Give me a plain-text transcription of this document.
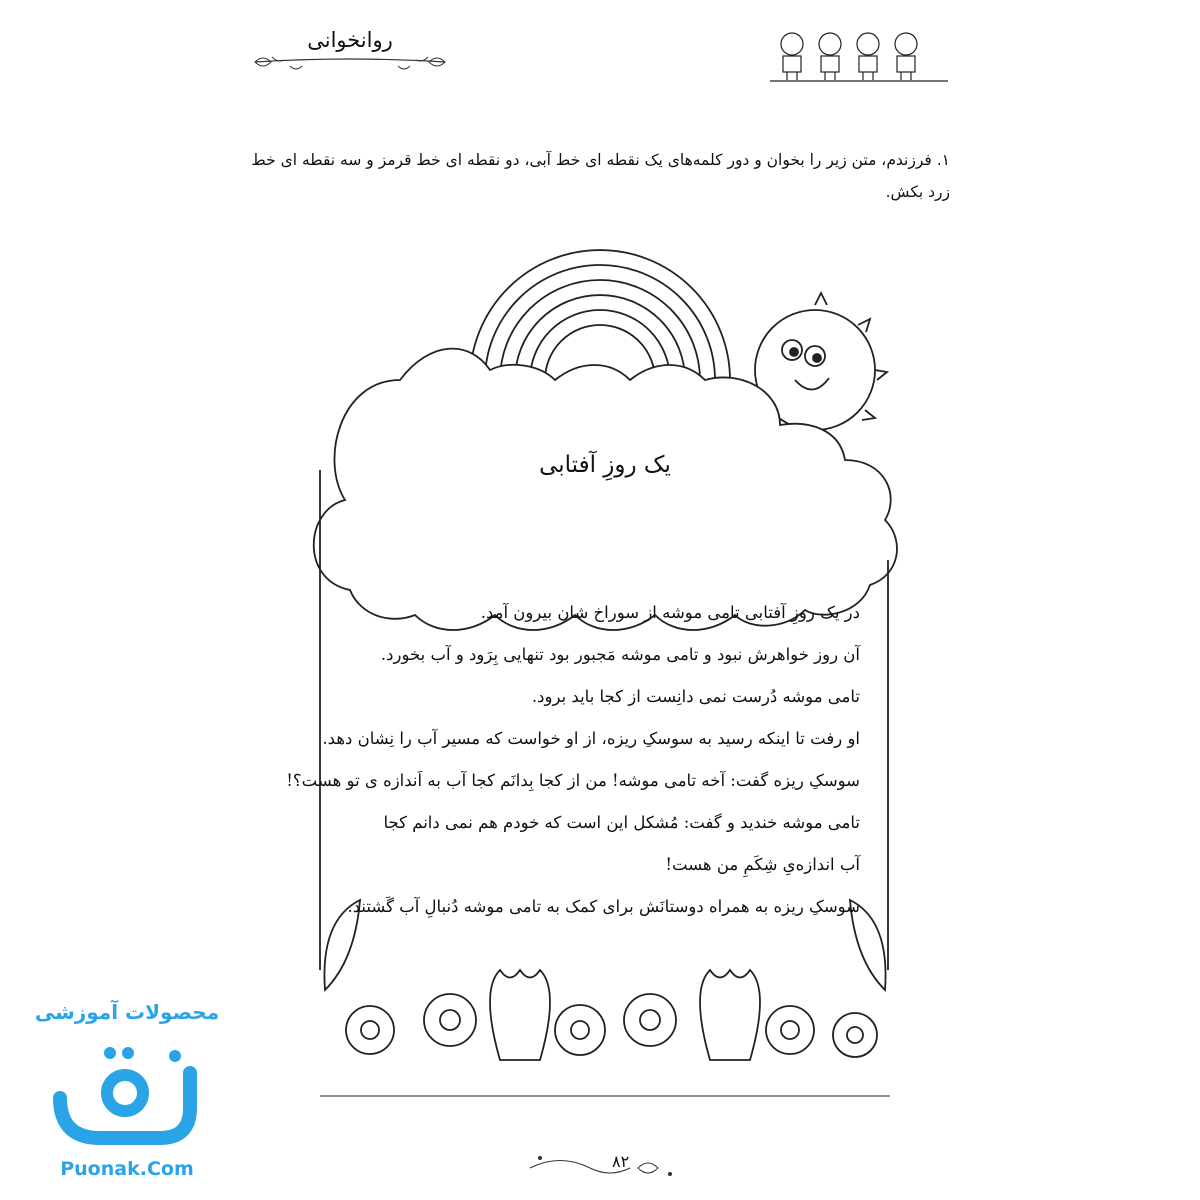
روانخوانی
۱. فرزندم، متن زیر را بخوان و دور کلمه‌های یک نقطه ای خط آبی، دو نقطه ای خط قرمز و سه نقطه ای خط
زرد بکش.
یک روزِ آفتابی
در یک روزِ آفتابی تامی موشه از سوراخ شان بیرون آمد.
آن روز خواهرش نبود و تامی موشه مَجبور بود تنهایی بِرَود و آب بخورد.
تامی موشه دُرست نمی دانِست از کجا باید برود.
او رفت تا اینکه رسید به سوسکِ ریزه، از او خواست که مسیر آب را نِشان دهد.
سوسکِ ریزه گفت: آخه تامی موشه! من از کجا بِدانَم کجا آب به اَندازه ی تو هست؟!
تامی موشه خندید و گفت: مُشکل این است که خودم هم نمی دانم کجا
آب اندازه‌یِ شِکَمِ من هست!
سوسکِ ریزه به همراه دوستانَش برای کمک به تامی موشه دُنبالِ آب گَشتند.
محصولات آموزشی
Puonak.Com	۸۲
